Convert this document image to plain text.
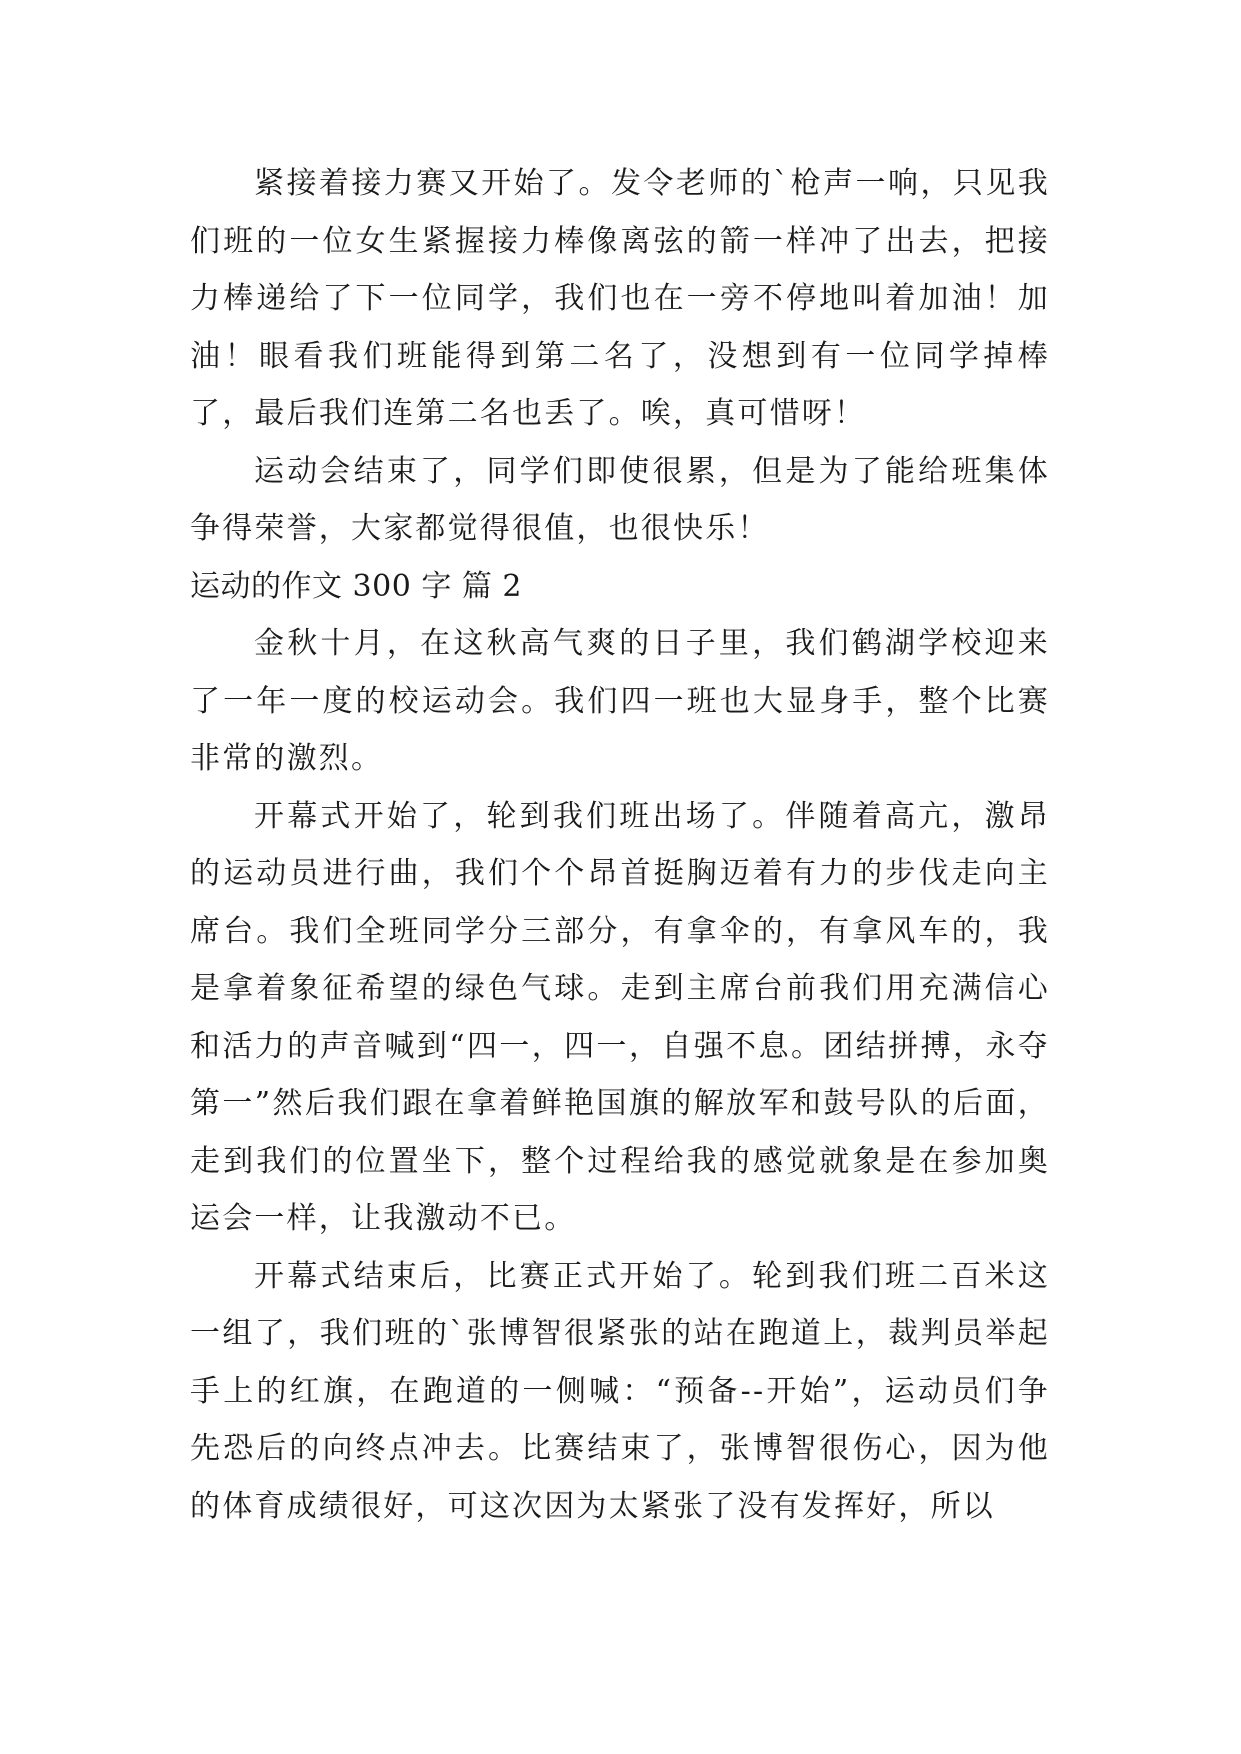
紧接着接力赛又开始了。发令老师的`枪声一响，只见我们班的一位女生紧握接力棒像离弦的箭一样冲了出去，把接力棒递给了下一位同学，我们也在一旁不停地叫着加油！加油！眼看我们班能得到第二名了，没想到有一位同学掉棒了，最后我们连第二名也丢了。唉，真可惜呀！

运动会结束了，同学们即使很累，但是为了能给班集体争得荣誉，大家都觉得很值，也很快乐！

运动的作文 300 字 篇 2

金秋十月，在这秋高气爽的日子里，我们鹤湖学校迎来了一年一度的校运动会。我们四一班也大显身手，整个比赛非常的激烈。

开幕式开始了，轮到我们班出场了。伴随着高亢，激昂的运动员进行曲，我们个个昂首挺胸迈着有力的步伐走向主席台。我们全班同学分三部分，有拿伞的，有拿风车的，我是拿着象征希望的绿色气球。走到主席台前我们用充满信心和活力的声音喊到“四一，四一，自强不息。团结拼搏，永夺第一”然后我们跟在拿着鲜艳国旗的解放军和鼓号队的后面，走到我们的位置坐下，整个过程给我的感觉就象是在参加奥运会一样，让我激动不已。

开幕式结束后，比赛正式开始了。轮到我们班二百米这一组了，我们班的`张博智很紧张的站在跑道上，裁判员举起手上的红旗，在跑道的一侧喊：“预备--开始”，运动员们争先恐后的向终点冲去。比赛结束了，张博智很伤心，因为他的体育成绩很好，可这次因为太紧张了没有发挥好，所以
